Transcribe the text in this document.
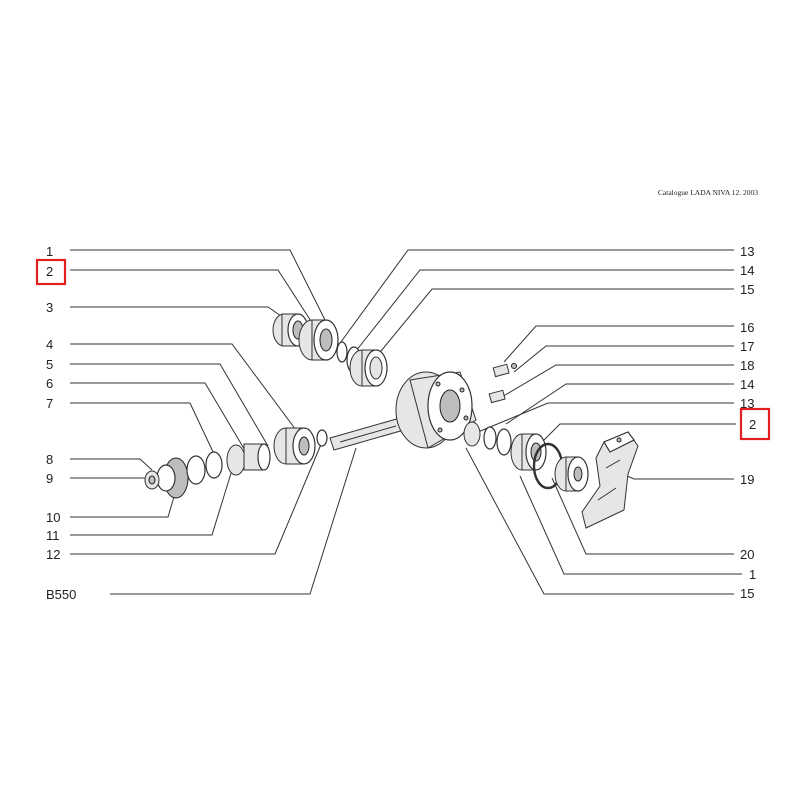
Catalogue LADA NIVA 12. 2003
1
2
3
4
5
6
7
8
9
10
11
12
B550
13
14
15
16
17
18
14
13
2
19
20
1
15
